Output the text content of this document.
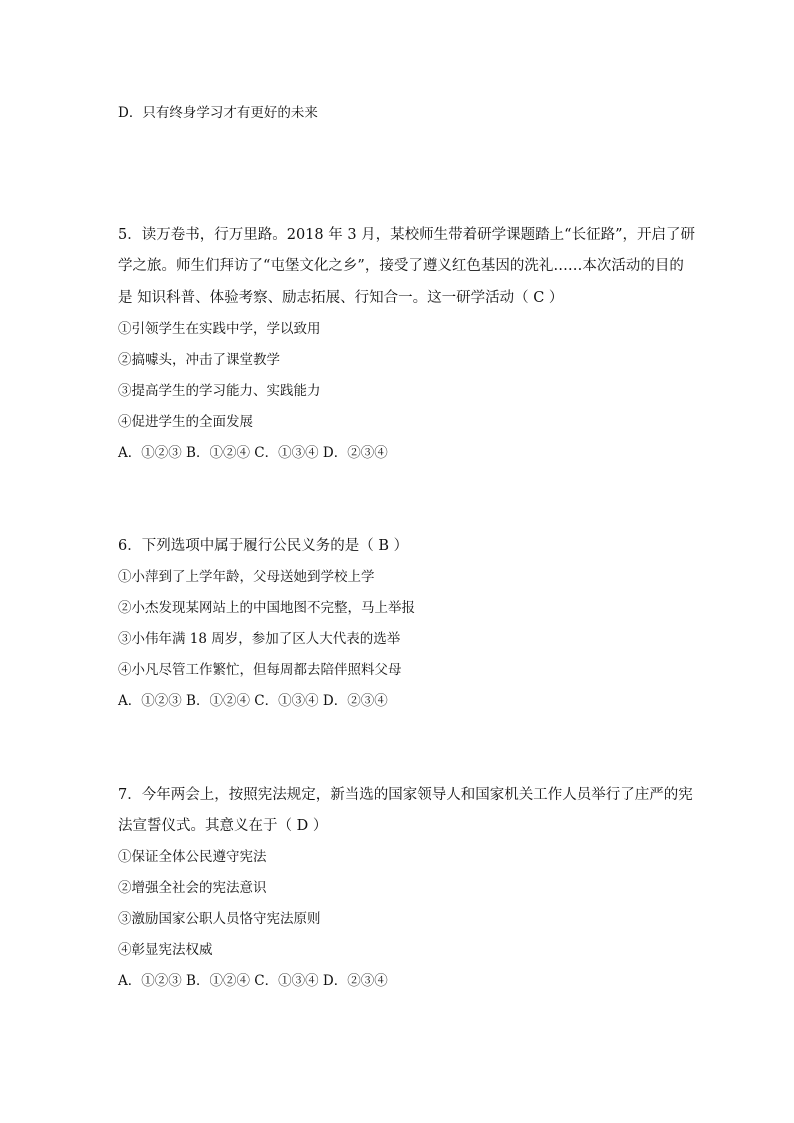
D．只有终身学习才有更好的未来

5．读万卷书，行万里路。2018 年 3 月，某校师生带着研学课题踏上“长征路”，开启了研

学之旅。师生们拜访了“屯堡文化之乡”，接受了遵义红色基因的洗礼……本次活动的目的

是 知识科普、体验考察、励志拓展、行知合一。这一研学活动（ C ）

①引领学生在实践中学，学以致用

②搞噱头，冲击了课堂教学

③提高学生的学习能力、实践能力

④促进学生的全面发展

A．①②③ B．①②④ C．①③④ D．②③④

6．下列选项中属于履行公民义务的是（ B ）

①小萍到了上学年龄，父母送她到学校上学

②小杰发现某网站上的中国地图不完整，马上举报

③小伟年满 18 周岁，参加了区人大代表的选举

④小凡尽管工作繁忙，但每周都去陪伴照料父母

A．①②③ B．①②④ C．①③④ D．②③④

7．今年两会上，按照宪法规定，新当选的国家领导人和国家机关工作人员举行了庄严的宪

法宣誓仪式。其意义在于（ D ）

①保证全体公民遵守宪法

②增强全社会的宪法意识

③激励国家公职人员恪守宪法原则

④彰显宪法权威

A．①②③ B．①②④ C．①③④ D．②③④
